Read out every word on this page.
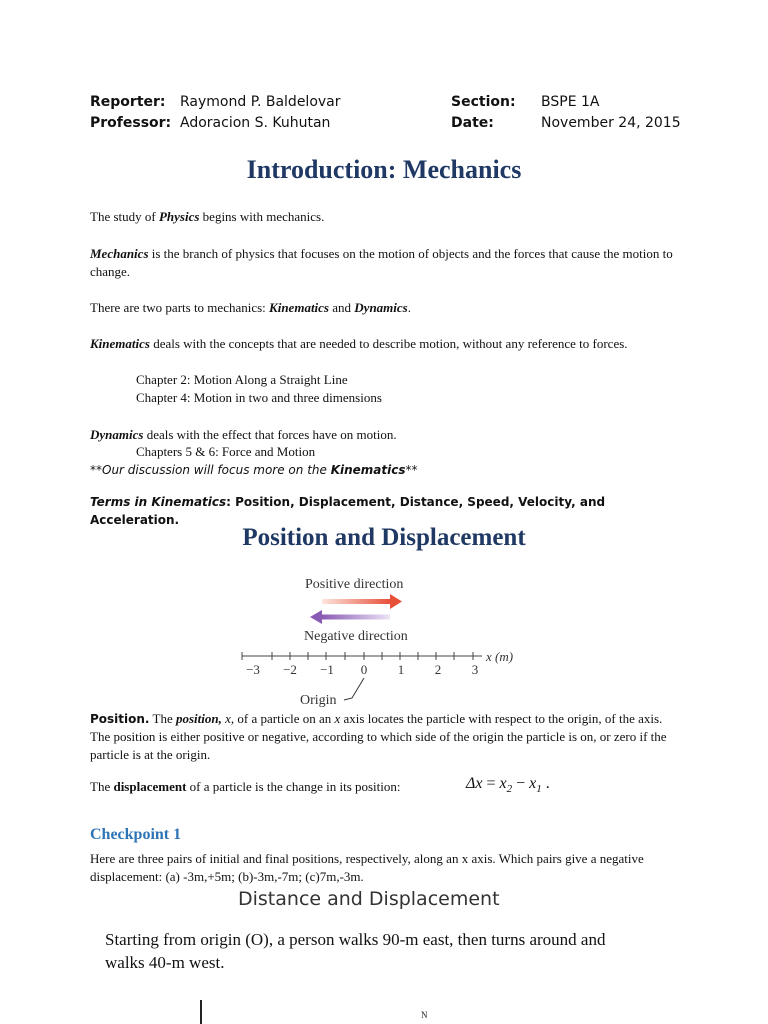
Reporter: Raymond P. Baldelovar
Professor: Adoracion S. Kuhutan
Section: BSPE 1A
Date:	November 24, 2015
Introduction: Mechanics

The study of Physics begins with mechanics.

Mechanics is the branch of physics that focuses on the motion of objects and the forces that cause the motion to change.

There are two parts to mechanics: Kinematics and Dynamics.

Kinematics deals with the concepts that are needed to describe motion, without any reference to forces.

Chapter 2: Motion Along a Straight Line

Chapter 4: Motion in two and three dimensions

Dynamics deals with the effect that forces have on motion.

Chapters 5 & 6: Force and Motion

**Our discussion will focus more on the Kinematics**

Terms in Kinematics: Position, Displacement, Distance, Speed, Velocity, and Acceleration.

Position and Displacement
Positive direction
Negative direction
x (m)
−3 −2 −1 0 1 2 3
Origin

Position. The position, x, of a particle on an x axis locates the particle with respect to the origin, of the axis. The position is either positive or negative, according to which side of the origin the particle is on, or zero if the particle is at the origin.

The displacement of a particle is the change in its position:	$\Delta x = x_2 - x_1$ .
Checkpoint 1

Here are three pairs of initial and final positions, respectively, along an x axis. Which pairs give a negative displacement: (a) -3m,+5m; (b)-3m,-7m; (c)7m,-3m.

Distance and Displacement
Starting from origin (O), a person walks 90-m east, then turns around and walks 40-m west.
N
